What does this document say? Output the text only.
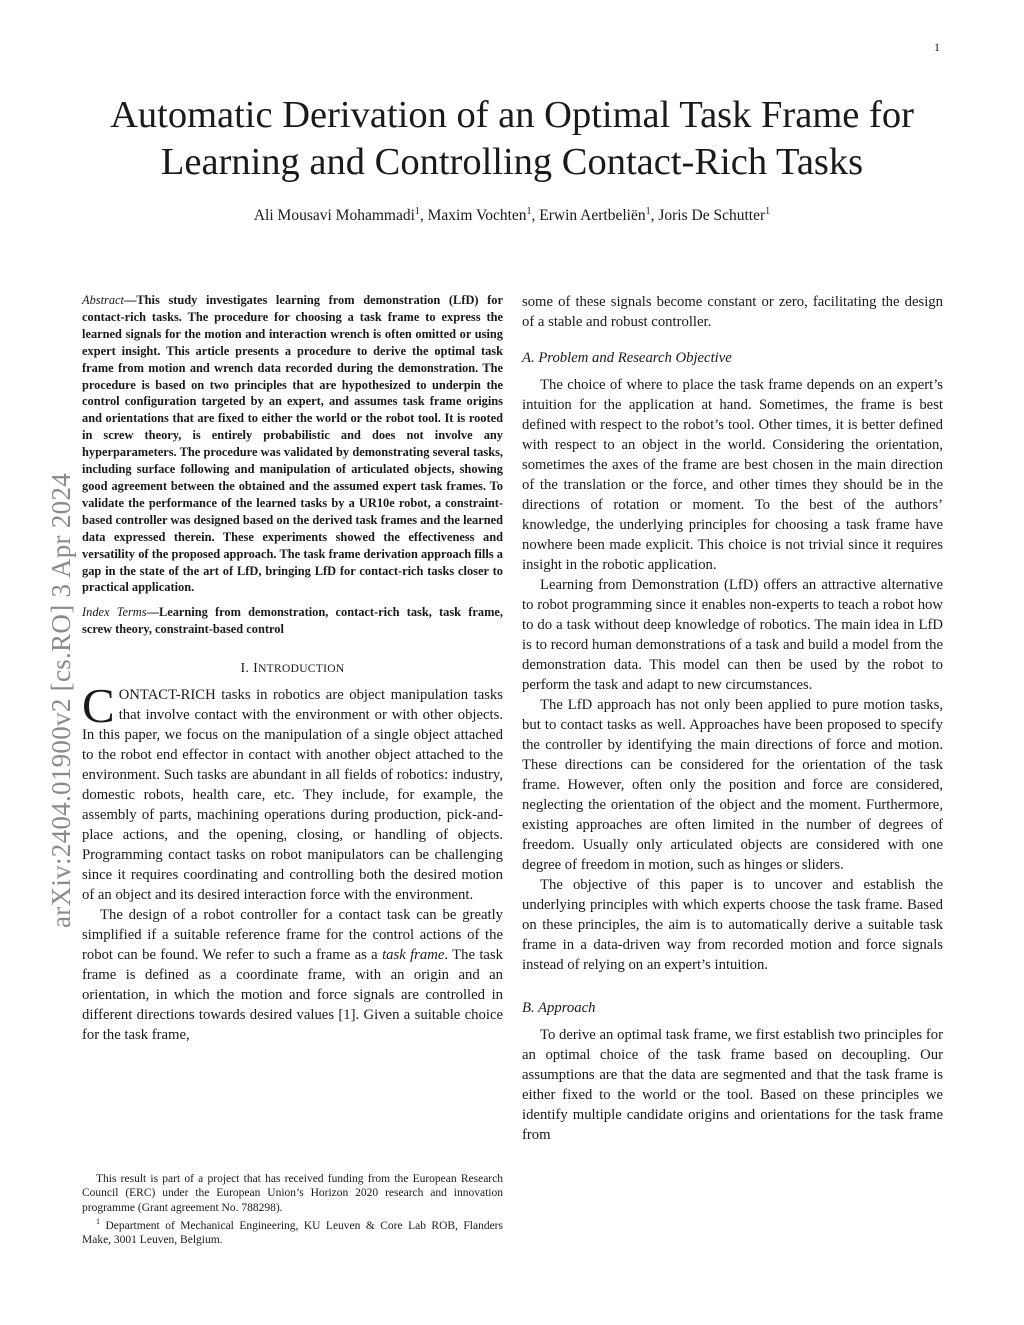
1
arXiv:2404.01900v2 [cs.RO] 3 Apr 2024
Automatic Derivation of an Optimal Task Frame for
Learning and Controlling Contact-Rich Tasks
Ali Mousavi Mohammadi$^1$, Maxim Vochten$^1$, Erwin Aertbeliën$^1$, Joris De Schutter$^1$

Abstract—This study investigates learning from demonstration (LfD) for contact-rich tasks. The procedure for choosing a task frame to express the learned signals for the motion and interaction wrench is often omitted or using expert insight. This article presents a procedure to derive the optimal task frame from motion and wrench data recorded during the demonstration. The procedure is based on two principles that are hypothesized to underpin the control configuration targeted by an expert, and assumes task frame origins and orientations that are fixed to either the world or the robot tool. It is rooted in screw theory, is entirely probabilistic and does not involve any hyperparameters. The procedure was validated by demonstrating several tasks, including surface following and manipulation of articulated objects, showing good agreement between the obtained and the assumed expert task frames. To validate the performance of the learned tasks by a UR10e robot, a constraint-based controller was designed based on the derived task frames and the learned data expressed therein. These experiments showed the effectiveness and versatility of the proposed approach. The task frame derivation approach fills a gap in the state of the art of LfD, bringing LfD for contact-rich tasks closer to practical application.

Index Terms—Learning from demonstration, contact-rich task, task frame, screw theory, constraint-based control

I. INTRODUCTION

CONTACT-RICH tasks in robotics are object manipulation tasks that involve contact with the environment or with other objects. In this paper, we focus on the manipulation of a single object attached to the robot end effector in contact with another object attached to the environment. Such tasks are abundant in all fields of robotics: industry, domestic robots, health care, etc. They include, for example, the assembly of parts, machining operations during production, pick-and-place actions, and the opening, closing, or handling of objects. Programming contact tasks on robot manipulators can be challenging since it requires coordinating and controlling both the desired motion of an object and its desired interaction force with the environment.

The design of a robot controller for a contact task can be greatly simplified if a suitable reference frame for the control actions of the robot can be found. We refer to such a frame as a task frame. The task frame is defined as a coordinate frame, with an origin and an orientation, in which the motion and force signals are controlled in different directions towards desired values [1]. Given a suitable choice for the task frame,

some of these signals become constant or zero, facilitating the design of a stable and robust controller.

A. Problem and Research Objective

The choice of where to place the task frame depends on an expert’s intuition for the application at hand. Sometimes, the frame is best defined with respect to the robot’s tool. Other times, it is better defined with respect to an object in the world. Considering the orientation, sometimes the axes of the frame are best chosen in the main direction of the translation or the force, and other times they should be in the directions of rotation or moment. To the best of the authors’ knowledge, the underlying principles for choosing a task frame have nowhere been made explicit. This choice is not trivial since it requires insight in the robotic application.

Learning from Demonstration (LfD) offers an attractive alternative to robot programming since it enables non-experts to teach a robot how to do a task without deep knowledge of robotics. The main idea in LfD is to record human demonstrations of a task and build a model from the demonstration data. This model can then be used by the robot to perform the task and adapt to new circumstances.

The LfD approach has not only been applied to pure motion tasks, but to contact tasks as well. Approaches have been proposed to specify the controller by identifying the main directions of force and motion. These directions can be considered for the orientation of the task frame. However, often only the position and force are considered, neglecting the orientation of the object and the moment. Furthermore, existing approaches are often limited in the number of degrees of freedom. Usually only articulated objects are considered with one degree of freedom in motion, such as hinges or sliders.

The objective of this paper is to uncover and establish the underlying principles with which experts choose the task frame. Based on these principles, the aim is to automatically derive a suitable task frame in a data-driven way from recorded motion and force signals instead of relying on an expert’s intuition.

B. Approach

To derive an optimal task frame, we first establish two principles for an optimal choice of the task frame based on decoupling. Our assumptions are that the data are segmented and that the task frame is either fixed to the world or the tool. Based on these principles we identify multiple candidate origins and orientations for the task frame from

This result is part of a project that has received funding from the European Research Council (ERC) under the European Union’s Horizon 2020 research and innovation programme (Grant agreement No. 788298).

$^1$ Department of Mechanical Engineering, KU Leuven & Core Lab ROB, Flanders Make, 3001 Leuven, Belgium.
